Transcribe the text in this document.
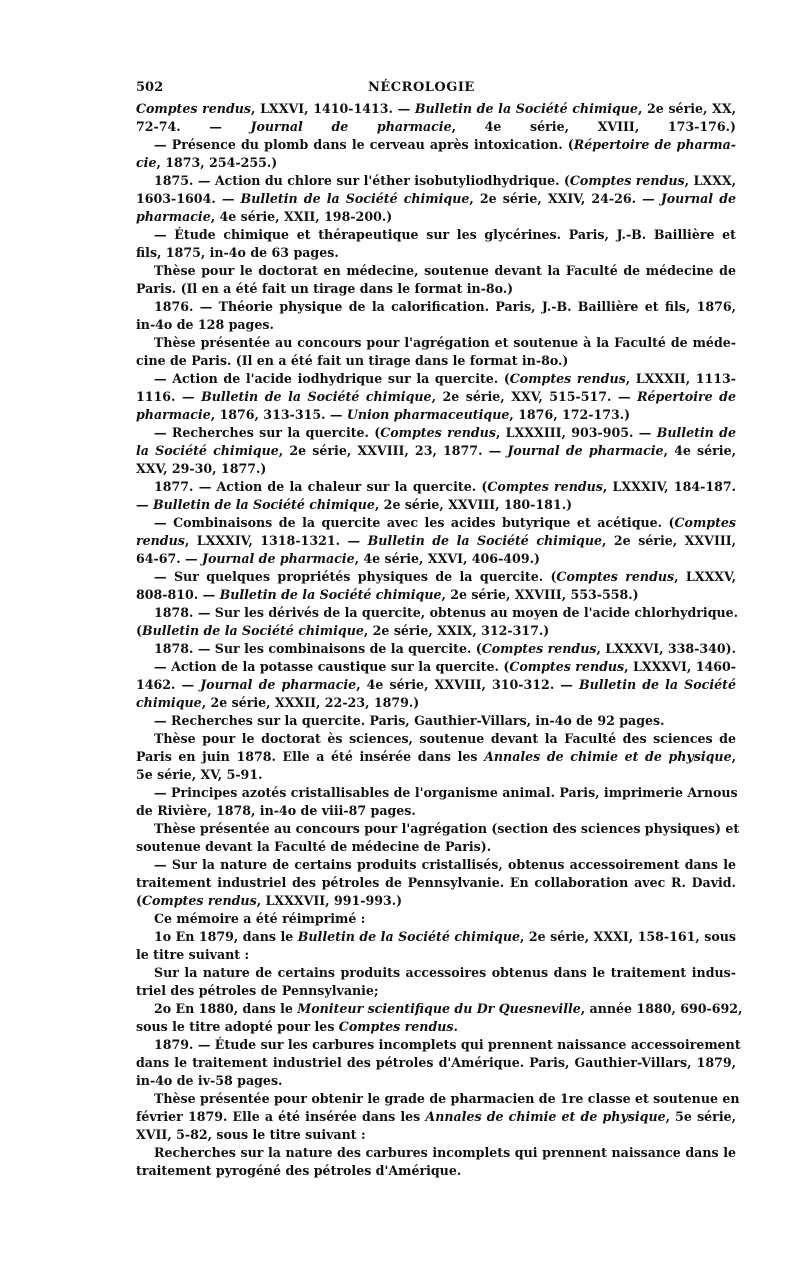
502	NÉCROLOGIE
Comptes rendus, LXXVI, 1410-1413. — Bulletin de la Société chimique, 2e série, XX,
72-74. — Journal de pharmacie, 4e série, XVIII, 173-176.)
— Présence du plomb dans le cerveau après intoxication. (Répertoire de pharma-
cie, 1873, 254-255.)
1875. — Action du chlore sur l'éther isobutyliodhydrique. (Comptes rendus, LXXX,
1603-1604. — Bulletin de la Société chimique, 2e série, XXIV, 24-26. — Journal de
pharmacie, 4e série, XXII, 198-200.)
— Étude chimique et thérapeutique sur les glycérines. Paris, J.-B. Baillière et
fils, 1875, in-4o de 63 pages.
Thèse pour le doctorat en médecine, soutenue devant la Faculté de médecine de
Paris. (Il en a été fait un tirage dans le format in-8o.)
1876. — Théorie physique de la calorification. Paris, J.-B. Baillière et fils, 1876,
in-4o de 128 pages.
Thèse présentée au concours pour l'agrégation et soutenue à la Faculté de méde-
cine de Paris. (Il en a été fait un tirage dans le format in-8o.)
— Action de l'acide iodhydrique sur la quercite. (Comptes rendus, LXXXII, 1113-
1116. — Bulletin de la Société chimique, 2e série, XXV, 515-517. — Répertoire de
pharmacie, 1876, 313-315. — Union pharmaceutique, 1876, 172-173.)
— Recherches sur la quercite. (Comptes rendus, LXXXIII, 903-905. — Bulletin de
la Société chimique, 2e série, XXVIII, 23, 1877. — Journal de pharmacie, 4e série,
XXV, 29-30, 1877.)
1877. — Action de la chaleur sur la quercite. (Comptes rendus, LXXXIV, 184-187.
— Bulletin de la Société chimique, 2e série, XXVIII, 180-181.)
— Combinaisons de la quercite avec les acides butyrique et acétique. (Comptes
rendus, LXXXIV, 1318-1321. — Bulletin de la Société chimique, 2e série, XXVIII,
64-67. — Journal de pharmacie, 4e série, XXVI, 406-409.)
— Sur quelques propriétés physiques de la quercite. (Comptes rendus, LXXXV,
808-810. — Bulletin de la Société chimique, 2e série, XXVIII, 553-558.)
1878. — Sur les dérivés de la quercite, obtenus au moyen de l'acide chlorhydrique.
(Bulletin de la Société chimique, 2e série, XXIX, 312-317.)
1878. — Sur les combinaisons de la quercite. (Comptes rendus, LXXXVI, 338-340).
— Action de la potasse caustique sur la quercite. (Comptes rendus, LXXXVI, 1460-
1462. — Journal de pharmacie, 4e série, XXVIII, 310-312. — Bulletin de la Société
chimique, 2e série, XXXII, 22-23, 1879.)
— Recherches sur la quercite. Paris, Gauthier-Villars, in-4o de 92 pages.
Thèse pour le doctorat ès sciences, soutenue devant la Faculté des sciences de
Paris en juin 1878. Elle a été insérée dans les Annales de chimie et de physique,
5e série, XV, 5-91.
— Principes azotés cristallisables de l'organisme animal. Paris, imprimerie Arnous
de Rivière, 1878, in-4o de viii-87 pages.
Thèse présentée au concours pour l'agrégation (section des sciences physiques) et
soutenue devant la Faculté de médecine de Paris).
— Sur la nature de certains produits cristallisés, obtenus accessoirement dans le
traitement industriel des pétroles de Pennsylvanie. En collaboration avec R. David.
(Comptes rendus, LXXXVII, 991-993.)
Ce mémoire a été réimprimé :
1o En 1879, dans le Bulletin de la Société chimique, 2e série, XXXI, 158-161, sous
le titre suivant :
Sur la nature de certains produits accessoires obtenus dans le traitement indus-
triel des pétroles de Pennsylvanie;
2o En 1880, dans le Moniteur scientifique du Dr Quesneville, année 1880, 690-692,
sous le titre adopté pour les Comptes rendus.
1879. — Étude sur les carbures incomplets qui prennent naissance accessoirement
dans le traitement industriel des pétroles d'Amérique. Paris, Gauthier-Villars, 1879,
in-4o de iv-58 pages.
Thèse présentée pour obtenir le grade de pharmacien de 1re classe et soutenue en
février 1879. Elle a été insérée dans les Annales de chimie et de physique, 5e série,
XVII, 5-82, sous le titre suivant :
Recherches sur la nature des carbures incomplets qui prennent naissance dans le
traitement pyrogéné des pétroles d'Amérique.
